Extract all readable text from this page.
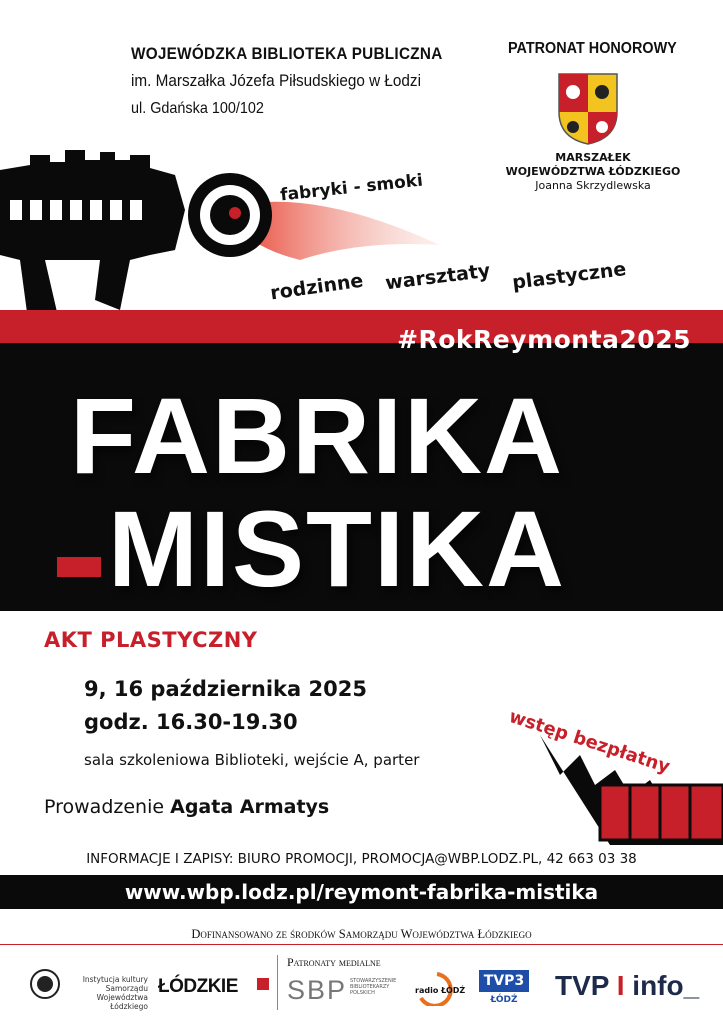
WOJEWÓDZKA BIBLIOTEKA PUBLICZNA
im. Marszałka Józefa Piłsudskiego w Łodzi
ul. Gdańska 100/102
PATRONAT HONOROWY
MARSZAŁEK
WOJEWÓDZTWA ŁÓDZKIEGO
Joanna Skrzydlewska
fabryki - smoki
rodzinne warsztaty plastyczne
#RokReymonta2025
FABRIKA
MISTIKA
AKT PLASTYCZNY
9, 16 października 2025
godz. 16.30-19.30
sala szkoleniowa Biblioteki, wejście A, parter
Prowadzenie Agata Armatys
wstęp bezpłatny
INFORMACJE I ZAPISY: BIURO PROMOCJI, PROMOCJA@WBP.LODZ.PL, 42 663 03 38
www.wbp.lodz.pl/reymont-fabrika-mistika
Dofinansowano ze środków Samorządu Województwa Łódzkiego
Instytucja kultury Samorządu Województwa Łódzkiego
ŁÓDZKIE
Patronaty medialne
SBP STOWARZYSZENIE BIBLIOTEKARZY POLSKICH	radio ŁÓDŹ
TVP3
ŁÓDŹ	TVP I info_
